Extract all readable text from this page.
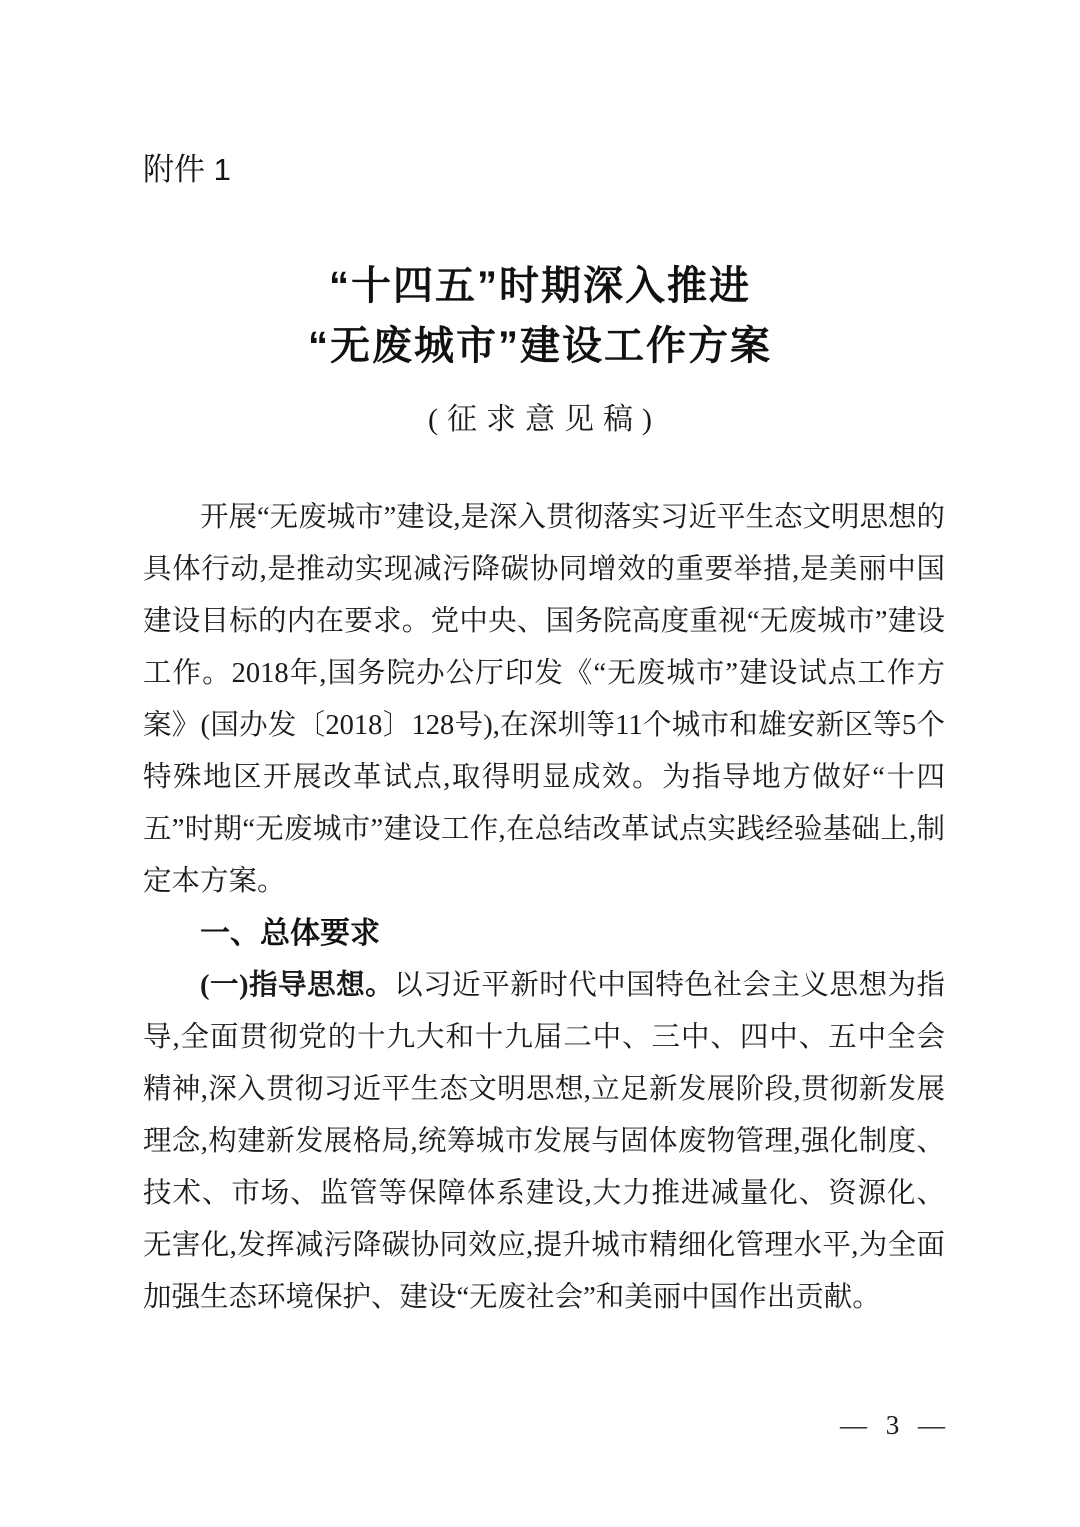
附件 1
“十四五”时期深入推进
“无废城市”建设工作方案
(征求意见稿)

开展“无废城市”建设,是深入贯彻落实习近平生态文明思想的具体行动,是推动实现减污降碳协同增效的重要举措,是美丽中国建设目标的内在要求。党中央、国务院高度重视“无废城市”建设工作。2018年,国务院办公厅印发《“无废城市”建设试点工作方案》(国办发〔2018〕128号),在深圳等11个城市和雄安新区等5个特殊地区开展改革试点,取得明显成效。为指导地方做好“十四五”时期“无废城市”建设工作,在总结改革试点实践经验基础上,制定本方案。

一、总体要求

(一)指导思想。以习近平新时代中国特色社会主义思想为指导,全面贯彻党的十九大和十九届二中、三中、四中、五中全会精神,深入贯彻习近平生态文明思想,立足新发展阶段,贯彻新发展理念,构建新发展格局,统筹城市发展与固体废物管理,强化制度、技术、市场、监管等保障体系建设,大力推进减量化、资源化、无害化,发挥减污降碳协同效应,提升城市精细化管理水平,为全面加强生态环境保护、建设“无废社会”和美丽中国作出贡献。

— 3 —
